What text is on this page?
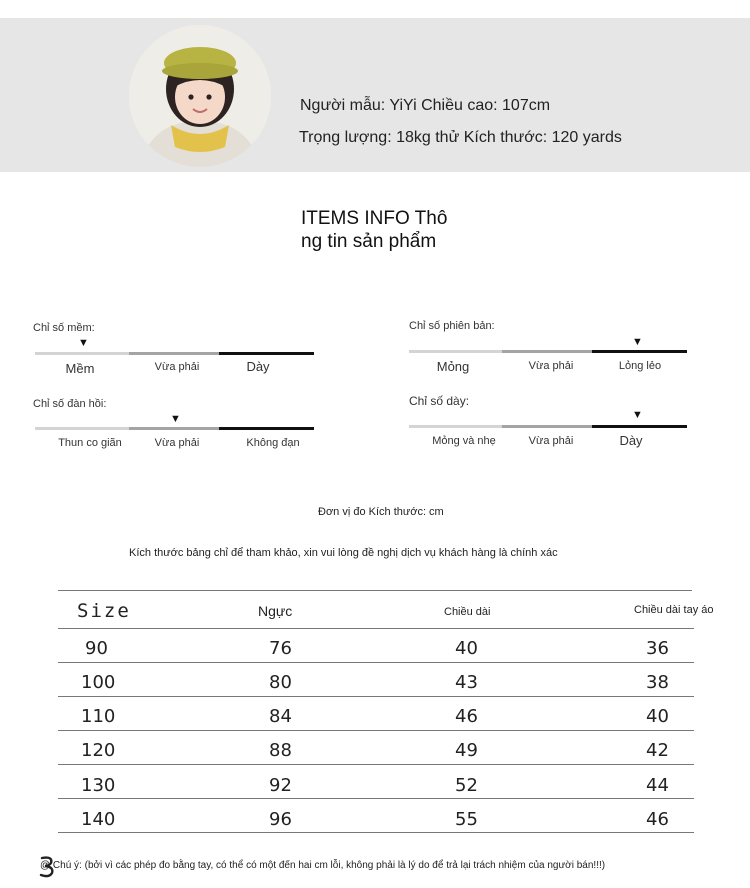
Người mẫu: YiYi Chiều cao: 107cm
Trọng lượng: 18kg thử Kích thước: 120 yards
ITEMS INFO Thô
ng tin sản phẩm
Chỉ số mềm:
▼
Mềm	Vừa phải	Dày
Chỉ số phiên bản:
▼
Mỏng	Vừa phải	Lỏng lẻo
Chỉ số đàn hồi:
▼
Thun co giãn	Vừa phải	Không đạn
Chỉ số dày:
▼
Mỏng và nhẹ	Vừa phải	Dày
Đơn vị đo Kích thước: cm
Kích thước bảng chỉ để tham khảo, xin vui lòng đề nghị dịch vụ khách hàng là chính xác
Size	Ngực	Chiều dài	Chiều dài tay áo
90	76	40	36
100	80	43	38
110	84	46	40
120	88	49	42
130	92	52	44
140	96	55	46
@ Chú ý: (bởi vì các phép đo bằng tay, có thể có một đến hai cm lỗi, không phải là lý do để trả lại trách nhiệm của người bán!!!)
